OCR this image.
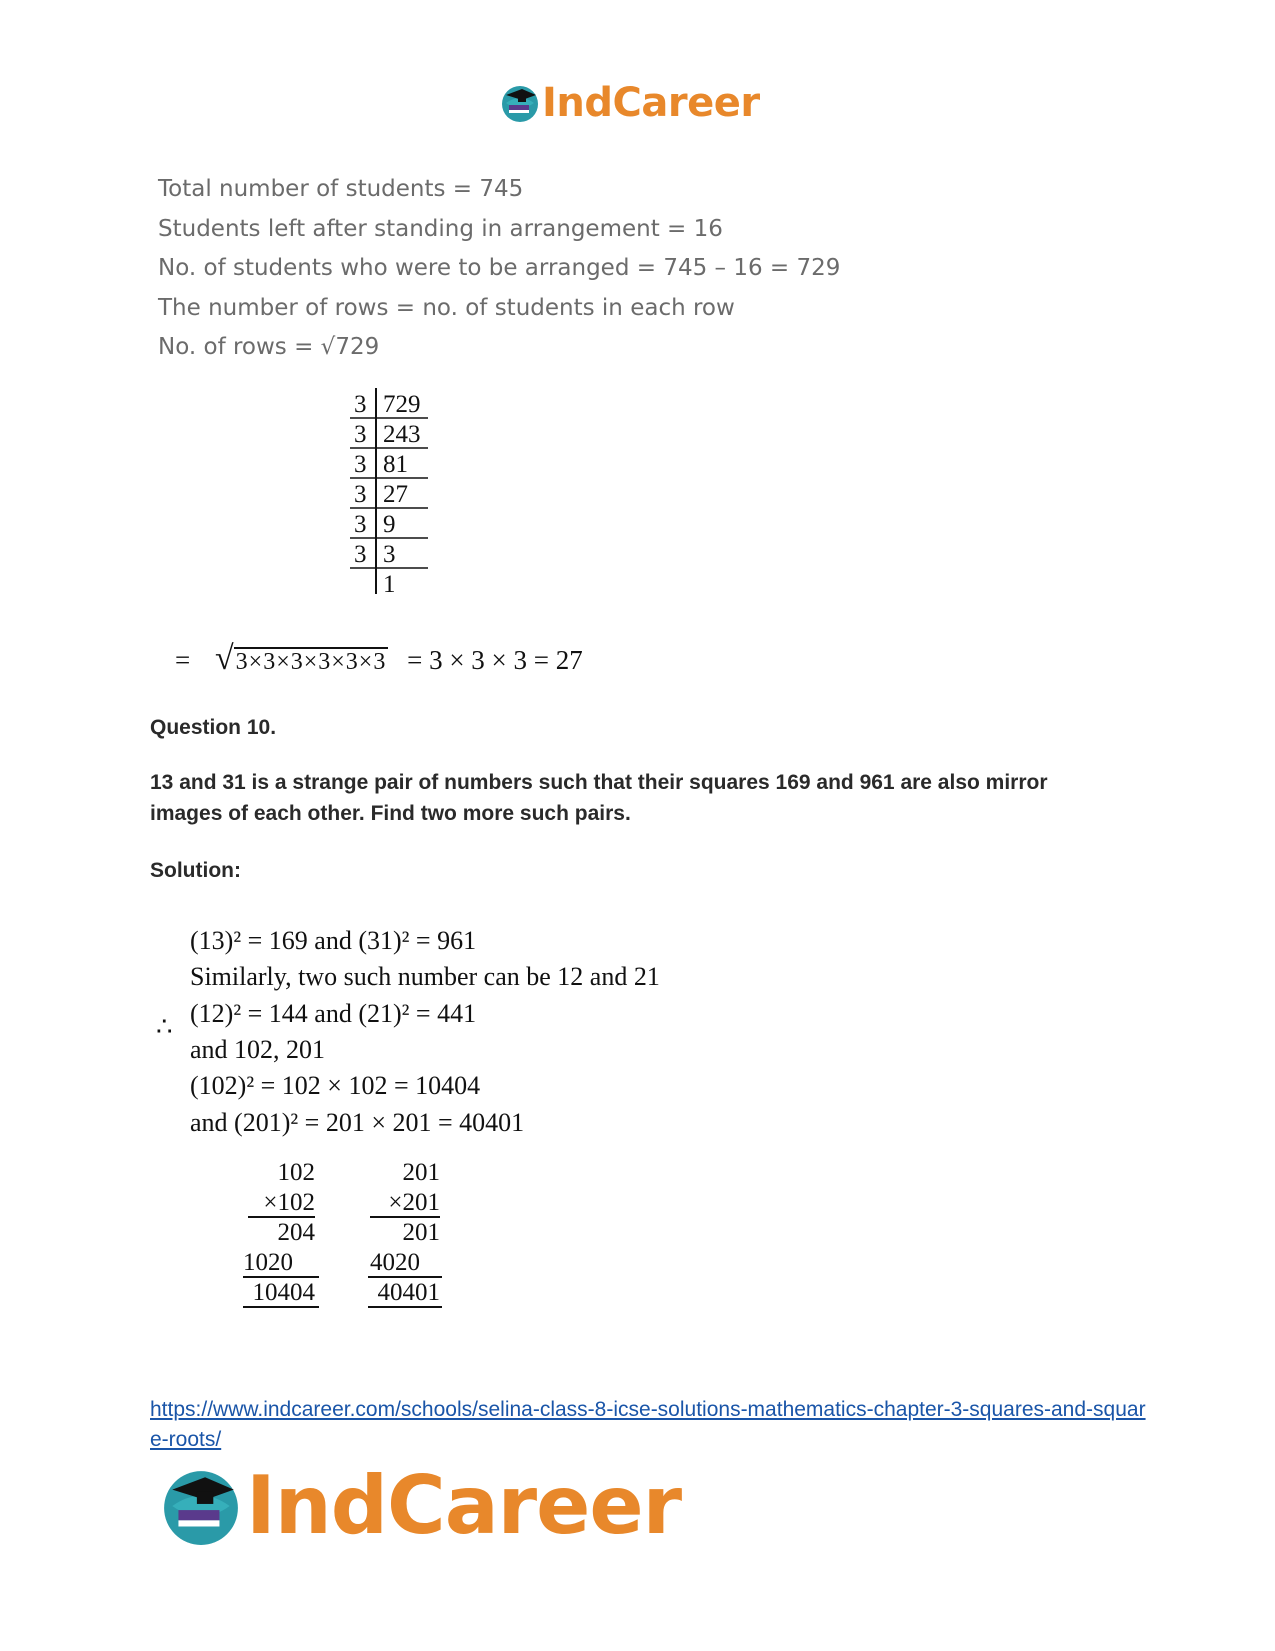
IndCareer
Total number of students = 745
Students left after standing in arrangement = 16
No. of students who were to be arranged = 745 – 16 = 729
The number of rows = no. of students in each row
No. of rows = √729
3
3
3
3
3
3
729
243
81
27
9
3
1
= √3×3×3×3×3×3 = 3 × 3 × 3 = 27
Question 10.
13 and 31 is a strange pair of numbers such that their squares 169 and 961 are also mirror images of each other. Find two more such pairs.
Solution:
(13)² = 169 and (31)² = 961
Similarly, two such number can be 12 and 21
∴ (12)² = 144 and (21)² = 441
and 102, 201
(102)² = 102 × 102 = 10404
and (201)² = 201 × 201 = 40401
102
×102
204
1020
10404
201
×201
201
4020
40401
https://www.indcareer.com/schools/selina-class-8-icse-solutions-mathematics-chapter-3-squares-and-square-roots/
IndCareer
